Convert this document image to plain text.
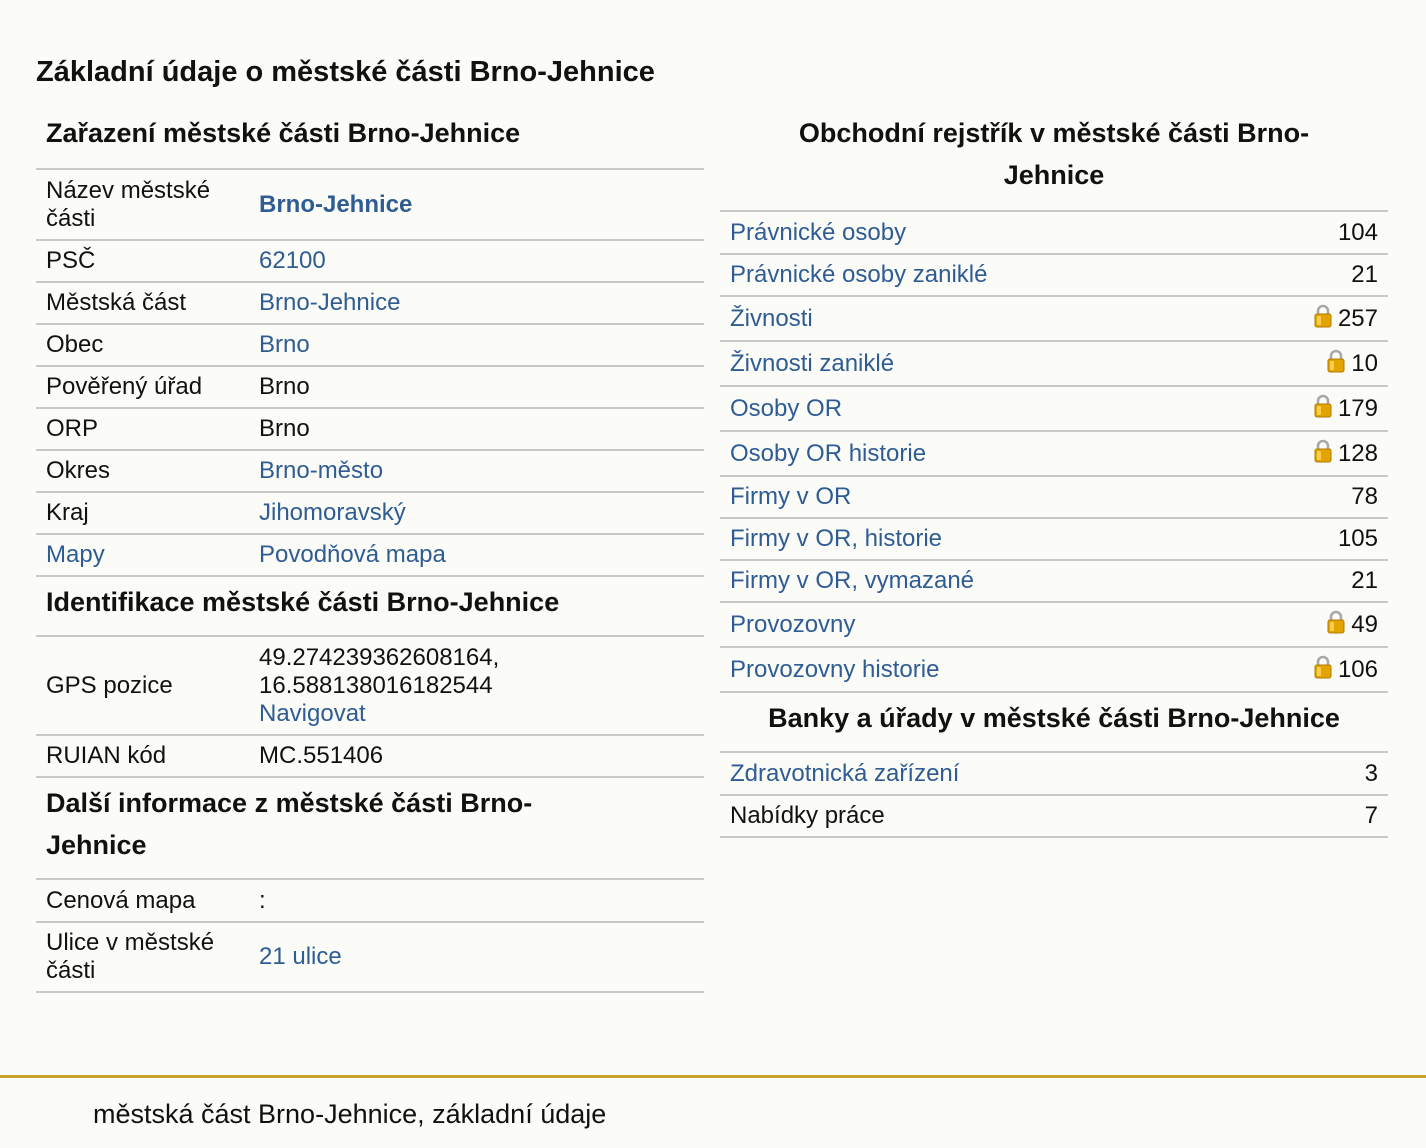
Základní údaje o městské části Brno-Jehnice
Zařazení městské části Brno-Jehnice
Název městské části	Brno-Jehnice
PSČ	62100
Městská část	Brno-Jehnice
Obec	Brno
Pověřený úřad	Brno
ORP	Brno
Okres	Brno-město
Kraj	Jihomoravský
Mapy	Povodňová mapa
Identifikace městské části Brno-Jehnice
GPS pozice	49.274239362608164,
16.588138016182544
Navigovat

RUIAN kód	MC.551406
Další informace z městské části Brno-Jehnice
Cenová mapa	:
Ulice v městské části	21 ulice
Obchodní rejstřík v městské části Brno-Jehnice
Právnické osoby	104
Právnické osoby zaniklé	21
Živnosti	257
Živnosti zaniklé	10
Osoby OR	179
Osoby OR historie	128
Firmy v OR	78
Firmy v OR, historie	105
Firmy v OR, vymazané	21
Provozovny	49
Provozovny historie	106
Banky a úřady v městské části Brno-Jehnice
Zdravotnická zařízení	3
Nabídky práce	7
městská část Brno-Jehnice, základní údaje
